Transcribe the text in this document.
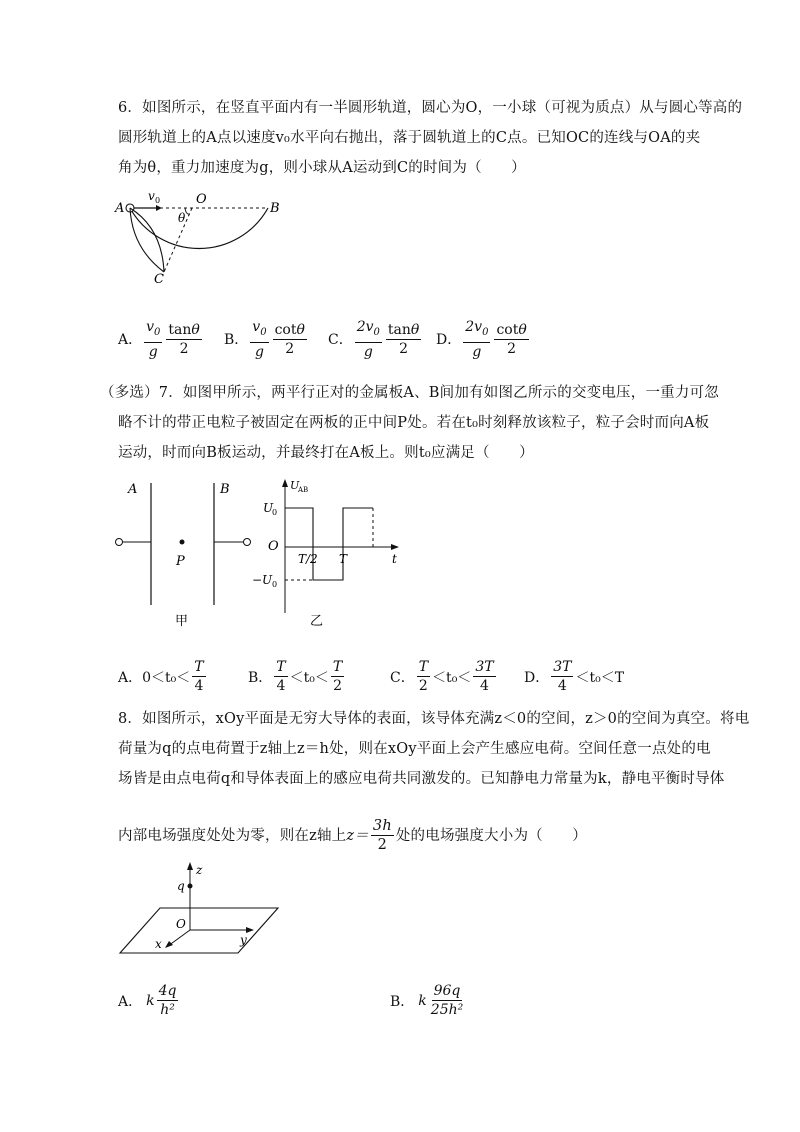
6．如图所示，在竖直平面内有一半圆形轨道，圆心为O，一小球（可视为质点）从与圆心等高的
圆形轨道上的A点以速度v₀水平向右抛出，落于圆轨道上的C点。已知OC的连线与OA的夹
角为θ，重力加速度为g，则小球从A运动到C的时间为（　　）
A
v 0	O
B
θ
C
A． $\frac{v_0}{g} \frac{\tan\theta}{2}$ B． $\frac{v_0}{g} \frac{\cot\theta}{2}$ C． $\frac{2v_0}{g} \frac{\tan\theta}{2}$ D． $\frac{2v_0}{g} \frac{\cot\theta}{2}$
（多选）7．如图甲所示，两平行正对的金属板A、B间加有如图乙所示的交变电压，一重力可忽
略不计的带正电粒子被固定在两板的正中间P处。若在t₀时刻释放该粒子，粒子会时而向A板
运动，时而向B板运动，并最终打在A板上。则t₀应满足（　　）
A	B
P
甲
U
AB
U
0
O
T/2 T	t
−U 0
乙
A． $0<t_0< \frac{T}{4}$	B． $\frac{T}{4} <t_0< \frac{T}{2}$	C． $\frac{T}{2} <t_0< \frac{3T}{4}$ D． $\frac{3T}{4} <t_0<T$
8．如图所示，xOy平面是无穷大导体的表面，该导体充满z＜0的空间，z＞0的空间为真空。将电
荷量为q的点电荷置于z轴上z＝h处，则在xOy平面上会产生感应电荷。空间任意一点处的电
场皆是由点电荷q和导体表面上的感应电荷共同激发的。已知静电力常量为k，静电平衡时导体
内部电场强度处处为零，则在z轴上 $z= \frac{3h}{2}$ 处的电场强度大小为（　　）
z
q
O
x	y
A． k $\frac{4q}{\text{h²}}$	B． k $\frac{96q}{\text{25h²}}$
